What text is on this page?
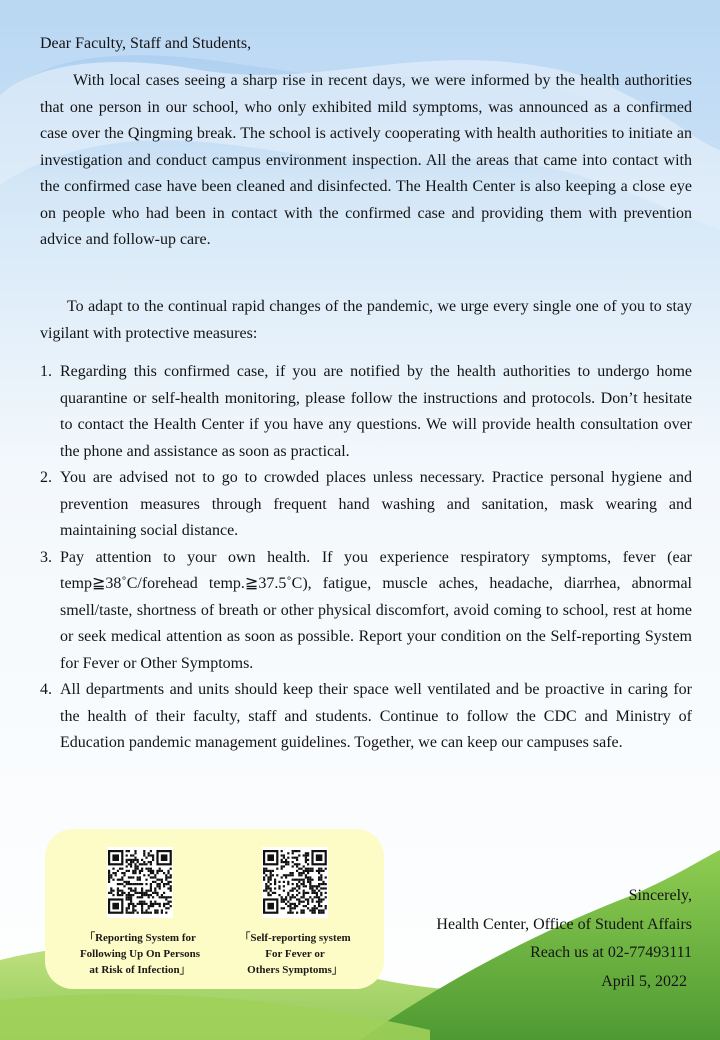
Dear Faculty, Staff and Students,

With local cases seeing a sharp rise in recent days, we were informed by the health authorities that one person in our school, who only exhibited mild symptoms, was announced as a confirmed case over the Qingming break. The school is actively cooperating with health authorities to initiate an investigation and conduct campus environment inspection. All the areas that came into contact with the confirmed case have been cleaned and disinfected. The Health Center is also keeping a close eye on people who had been in contact with the confirmed case and providing them with prevention advice and follow-up care.

To adapt to the continual rapid changes of the pandemic, we urge every single one of you to stay vigilant with protective measures:

1. Regarding this confirmed case, if you are notified by the health authorities to undergo home quarantine or self-health monitoring, please follow the instructions and protocols. Don’t hesitate to contact the Health Center if you have any questions. We will provide health consultation over the phone and assistance as soon as practical.
2. You are advised not to go to crowded places unless necessary. Practice personal hygiene and prevention measures through frequent hand washing and sanitation, mask wearing and maintaining social distance.
3. Pay attention to your own health. If you experience respiratory symptoms, fever (ear temp≧38˚C/forehead temp.≧37.5˚C), fatigue, muscle aches, headache, diarrhea, abnormal smell/taste, shortness of breath or other physical discomfort, avoid coming to school, rest at home or seek medical attention as soon as possible. Report your condition on the Self-reporting System for Fever or Other Symptoms.
4. All departments and units should keep their space well ventilated and be proactive in caring for the health of their faculty, staff and students. Continue to follow the CDC and Ministry of Education pandemic management guidelines. Together, we can keep our campuses safe.
「Reporting System for
Following Up On Persons
at Risk of Infection」
「Self-reporting system
For Fever or
Others Symptoms」
Sincerely,
Health Center, Office of Student Affairs
Reach us at 02-77493111
April 5, 2022
